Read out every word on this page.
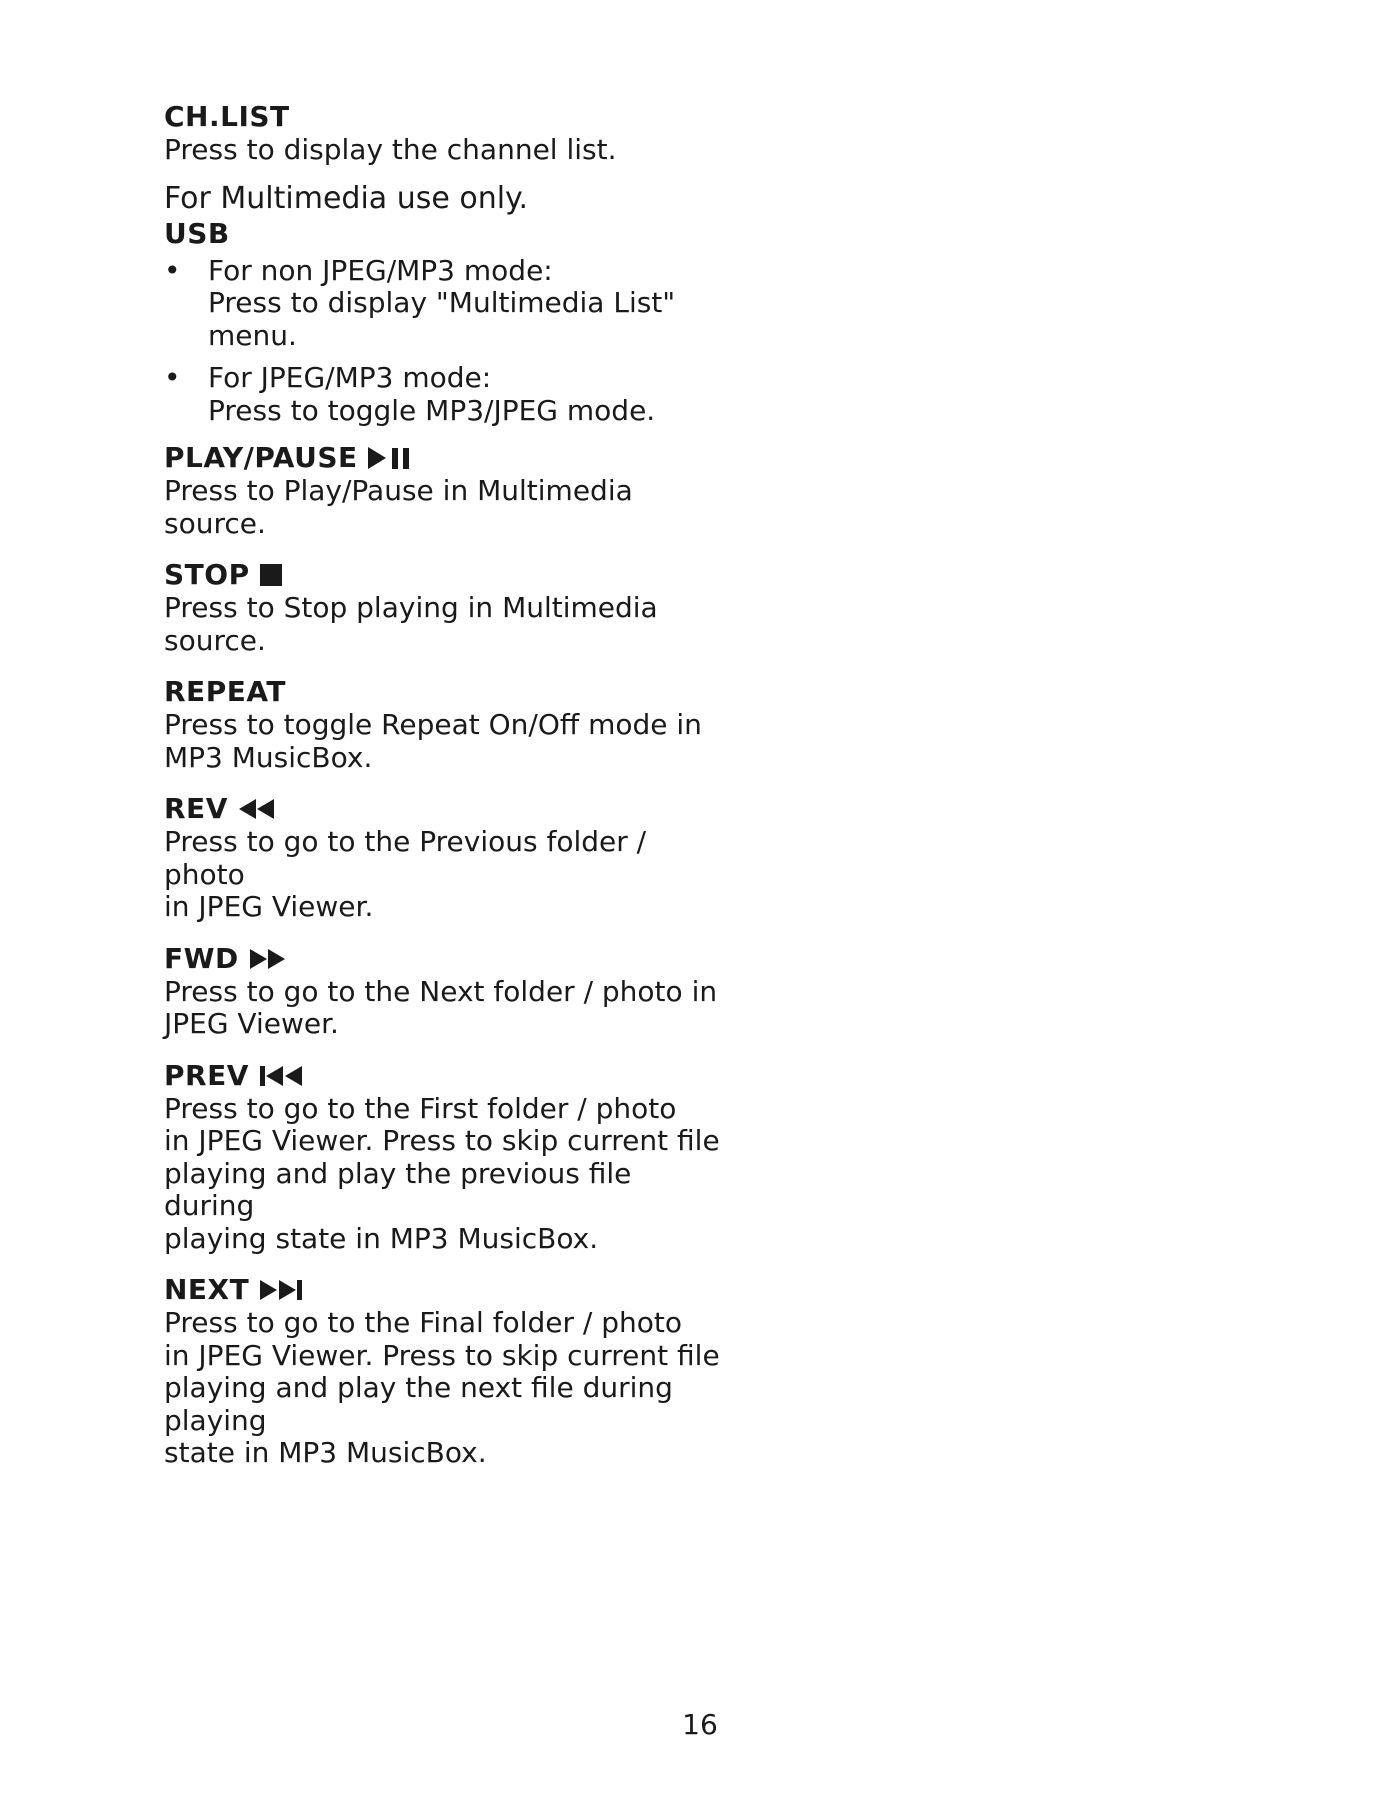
CH.LIST
Press to display the channel list.
For Multimedia use only.
USB
• For non JPEG/MP3 mode:
Press to display "Multimedia List"
menu.
• For JPEG/MP3 mode:
Press to toggle MP3/JPEG mode.
PLAY/PAUSE
Press to Play/Pause in Multimedia source.
STOP
Press to Stop playing in Multimedia source.
REPEAT
Press to toggle Repeat On/Off mode in
MP3 MusicBox.
REV
Press to go to the Previous folder / photo
in JPEG Viewer.
FWD
Press to go to the Next folder / photo in
JPEG Viewer.
PREV
Press to go to the First folder / photo
in JPEG Viewer. Press to skip current file
playing and play the previous file during
playing state in MP3 MusicBox.
NEXT
Press to go to the Final folder / photo
in JPEG Viewer. Press to skip current file
playing and play the next file during playing
state in MP3 MusicBox.
16
